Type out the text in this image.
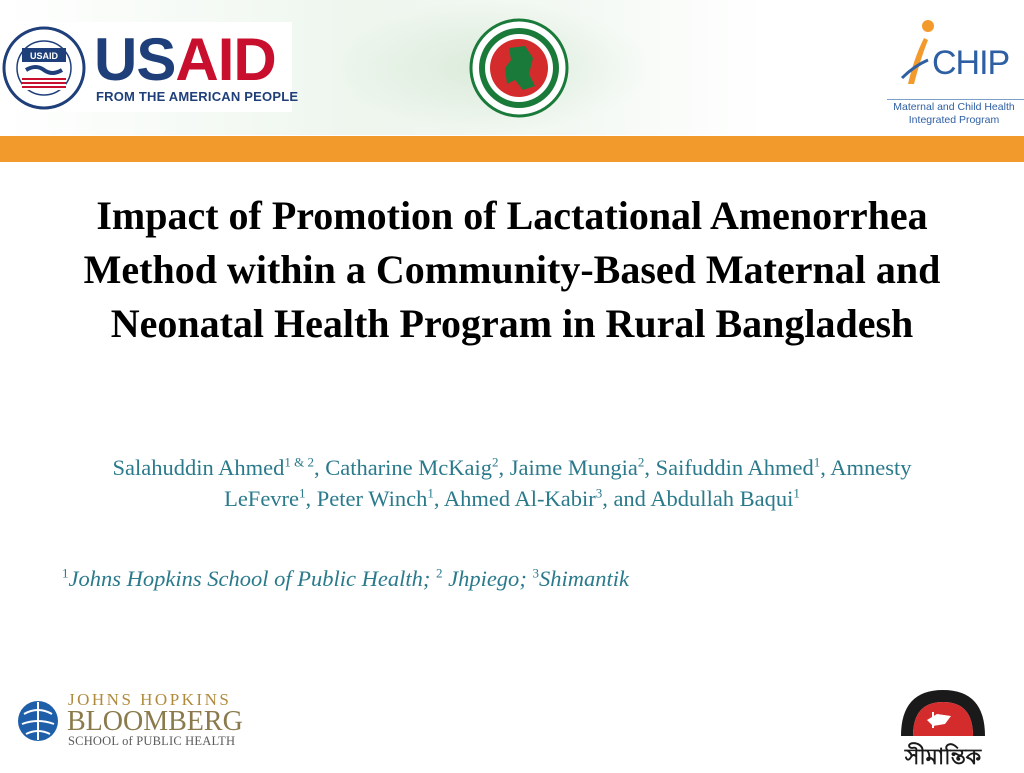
USAID USAID
FROM THE AMERICAN PEOPLE
CHIP
Maternal and Child Health
Integrated Program
Impact of Promotion of Lactational Amenorrhea Method within a Community-Based Maternal and Neonatal Health Program in Rural Bangladesh
Salahuddin Ahmed$^{1 \& 2}$, Catharine McKaig$^2$, Jaime Mungia$^2$, Saifuddin Ahmed$^1$, Amnesty LeFevre$^1$, Peter Winch$^1$, Ahmed Al-Kabir$^3$, and Abdullah Baqui$^1$
$^1$Johns Hopkins School of Public Health; $^2$ Jhpiego; $^3$Shimantik
JOHNS HOPKINS
BLOOMBERG
SCHOOL of PUBLIC HEALTH
সীমান্তিক
